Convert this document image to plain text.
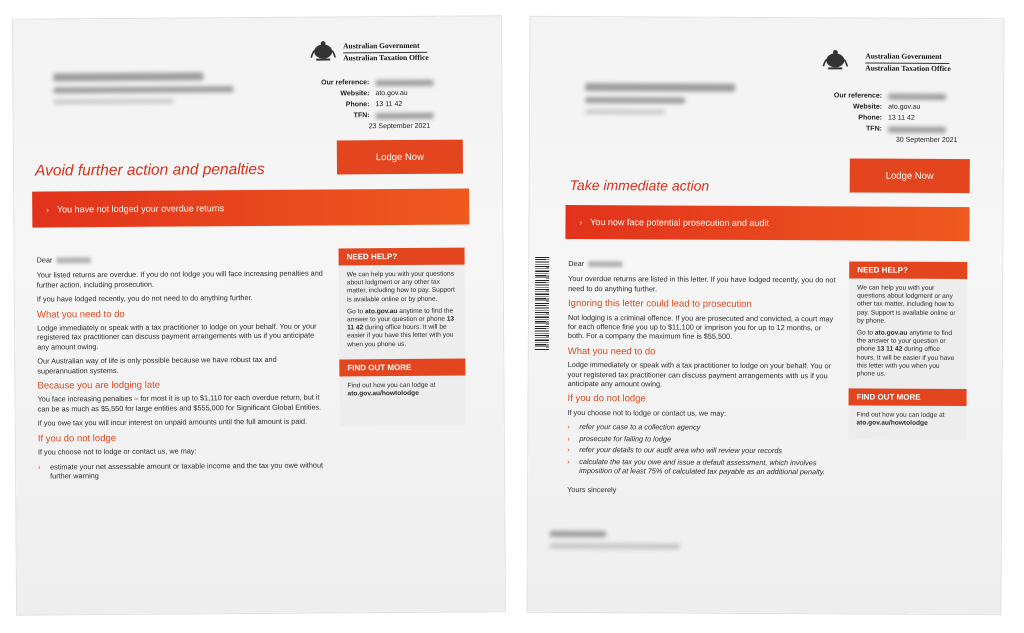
Australian Government
Australian Taxation Office
Our reference:
Website:
Phone:
TFN:
ato.gov.au
13 11 42
23 September 2021
Avoid further action and penalties
Lodge Now
› You have not lodged your overdue returns
Dear

Your listed returns are overdue. If you do not lodge you will face increasing penalties and further action, including prosecution.

If you have lodged recently, you do not need to do anything further.

What you need to do

Lodge immediately or speak with a tax practitioner to lodge on your behalf. You or your registered tax practitioner can discuss payment arrangements with us if you anticipate any amount owing.

Our Australian way of life is only possible because we have robust tax and superannuation systems.

Because you are lodging late

You face increasing penalties – for most it is up to $1,110 for each overdue return, but it can be as much as $5,550 for large entities and $555,000 for Significant Global Entities.

If you owe tax you will incur interest on unpaid amounts until the full amount is paid.

If you do not lodge

If you choose not to lodge or contact us, we may:

› estimate your net assessable amount or taxable income and the tax you owe without further warning
NEED HELP?

We can help you with your questions about lodgment or any other tax matter, including how to pay. Support is available online or by phone.

Go to ato.gov.au anytime to find the answer to your question or phone 13 11 42 during office hours. It will be easier if you have this letter with you when you phone us.

FIND OUT MORE

Find out how you can lodge at ato.gov.au/howtolodge

Australian Government
Australian Taxation Office
Our reference:
Website:
Phone:
TFN:
ato.gov.au
13 11 42
30 September 2021
Take immediate action
Lodge Now
› You now face potential prosecution and audit
Dear

Your overdue returns are listed in this letter. If you have lodged recently, you do not need to do anything further.

Ignoring this letter could lead to prosecution

Not lodging is a criminal offence. If you are prosecuted and convicted, a court may for each offence fine you up to $11,100 or imprison you for up to 12 months, or both. For a company the maximum fine is $55,500.

What you need to do

Lodge immediately or speak with a tax practitioner to lodge on your behalf. You or your registered tax practitioner can discuss payment arrangements with us if you anticipate any amount owing.

If you do not lodge

If you choose not to lodge or contact us, we may:

› refer your case to a collection agency
› prosecute for failing to lodge
› refer your details to our audit area who will review your records
› calculate the tax you owe and issue a default assessment, which involves imposition of at least 75% of calculated tax payable as an additional penalty.

Yours sincerely

NEED HELP?

We can help you with your questions about lodgment or any other tax matter, including how to pay. Support is available online or by phone.

Go to ato.gov.au anytime to find the answer to your question or phone 13 11 42 during office hours. It will be easier if you have this letter with you when you phone us.

FIND OUT MORE

Find out how you can lodge at ato.gov.au/howtolodge
